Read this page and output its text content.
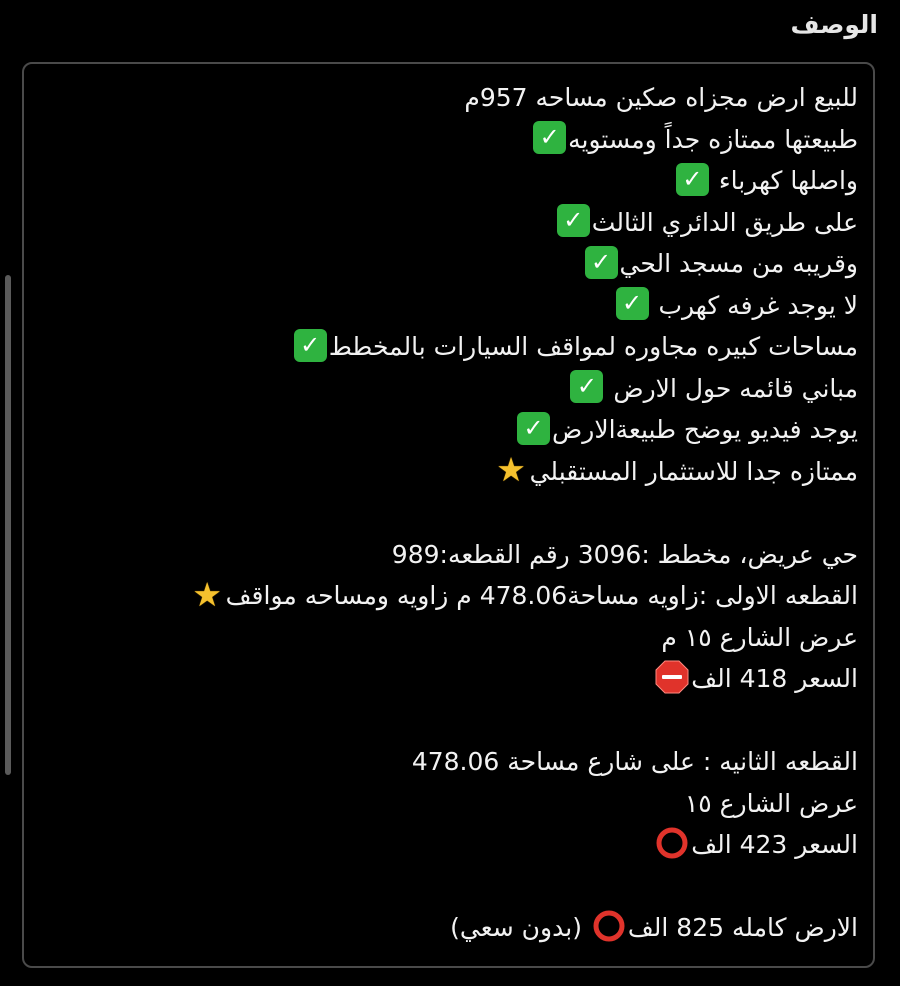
الوصف
للبيع ارض مجزاه صكين مساحه 957م
طبيعتها ممتازه جداً ومستويه✓
واصلها كهرباء ✓
على طريق الدائري الثالث✓
وقريبه من مسجد الحي✓
لا يوجد غرفه كهرب ✓
مساحات كبيره مجاوره لمواقف السيارات بالمخطط✓
مباني قائمه حول الارض ✓
يوجد فيديو يوضح طبيعةالارض✓
ممتازه جدا للاستثمار المستقبلي★

حي عريض، مخطط :3096 رقم القطعه:989
القطعه الاولى :زاويه مساحة478.06 م زاويه ومساحه مواقف★
عرض الشارع ١٥ م
السعر 418 الف

القطعه الثانيه : على شارع مساحة 478.06
عرض الشارع ١٥
السعر 423 الف

الارض كامله 825 الف (بدون سعي)
